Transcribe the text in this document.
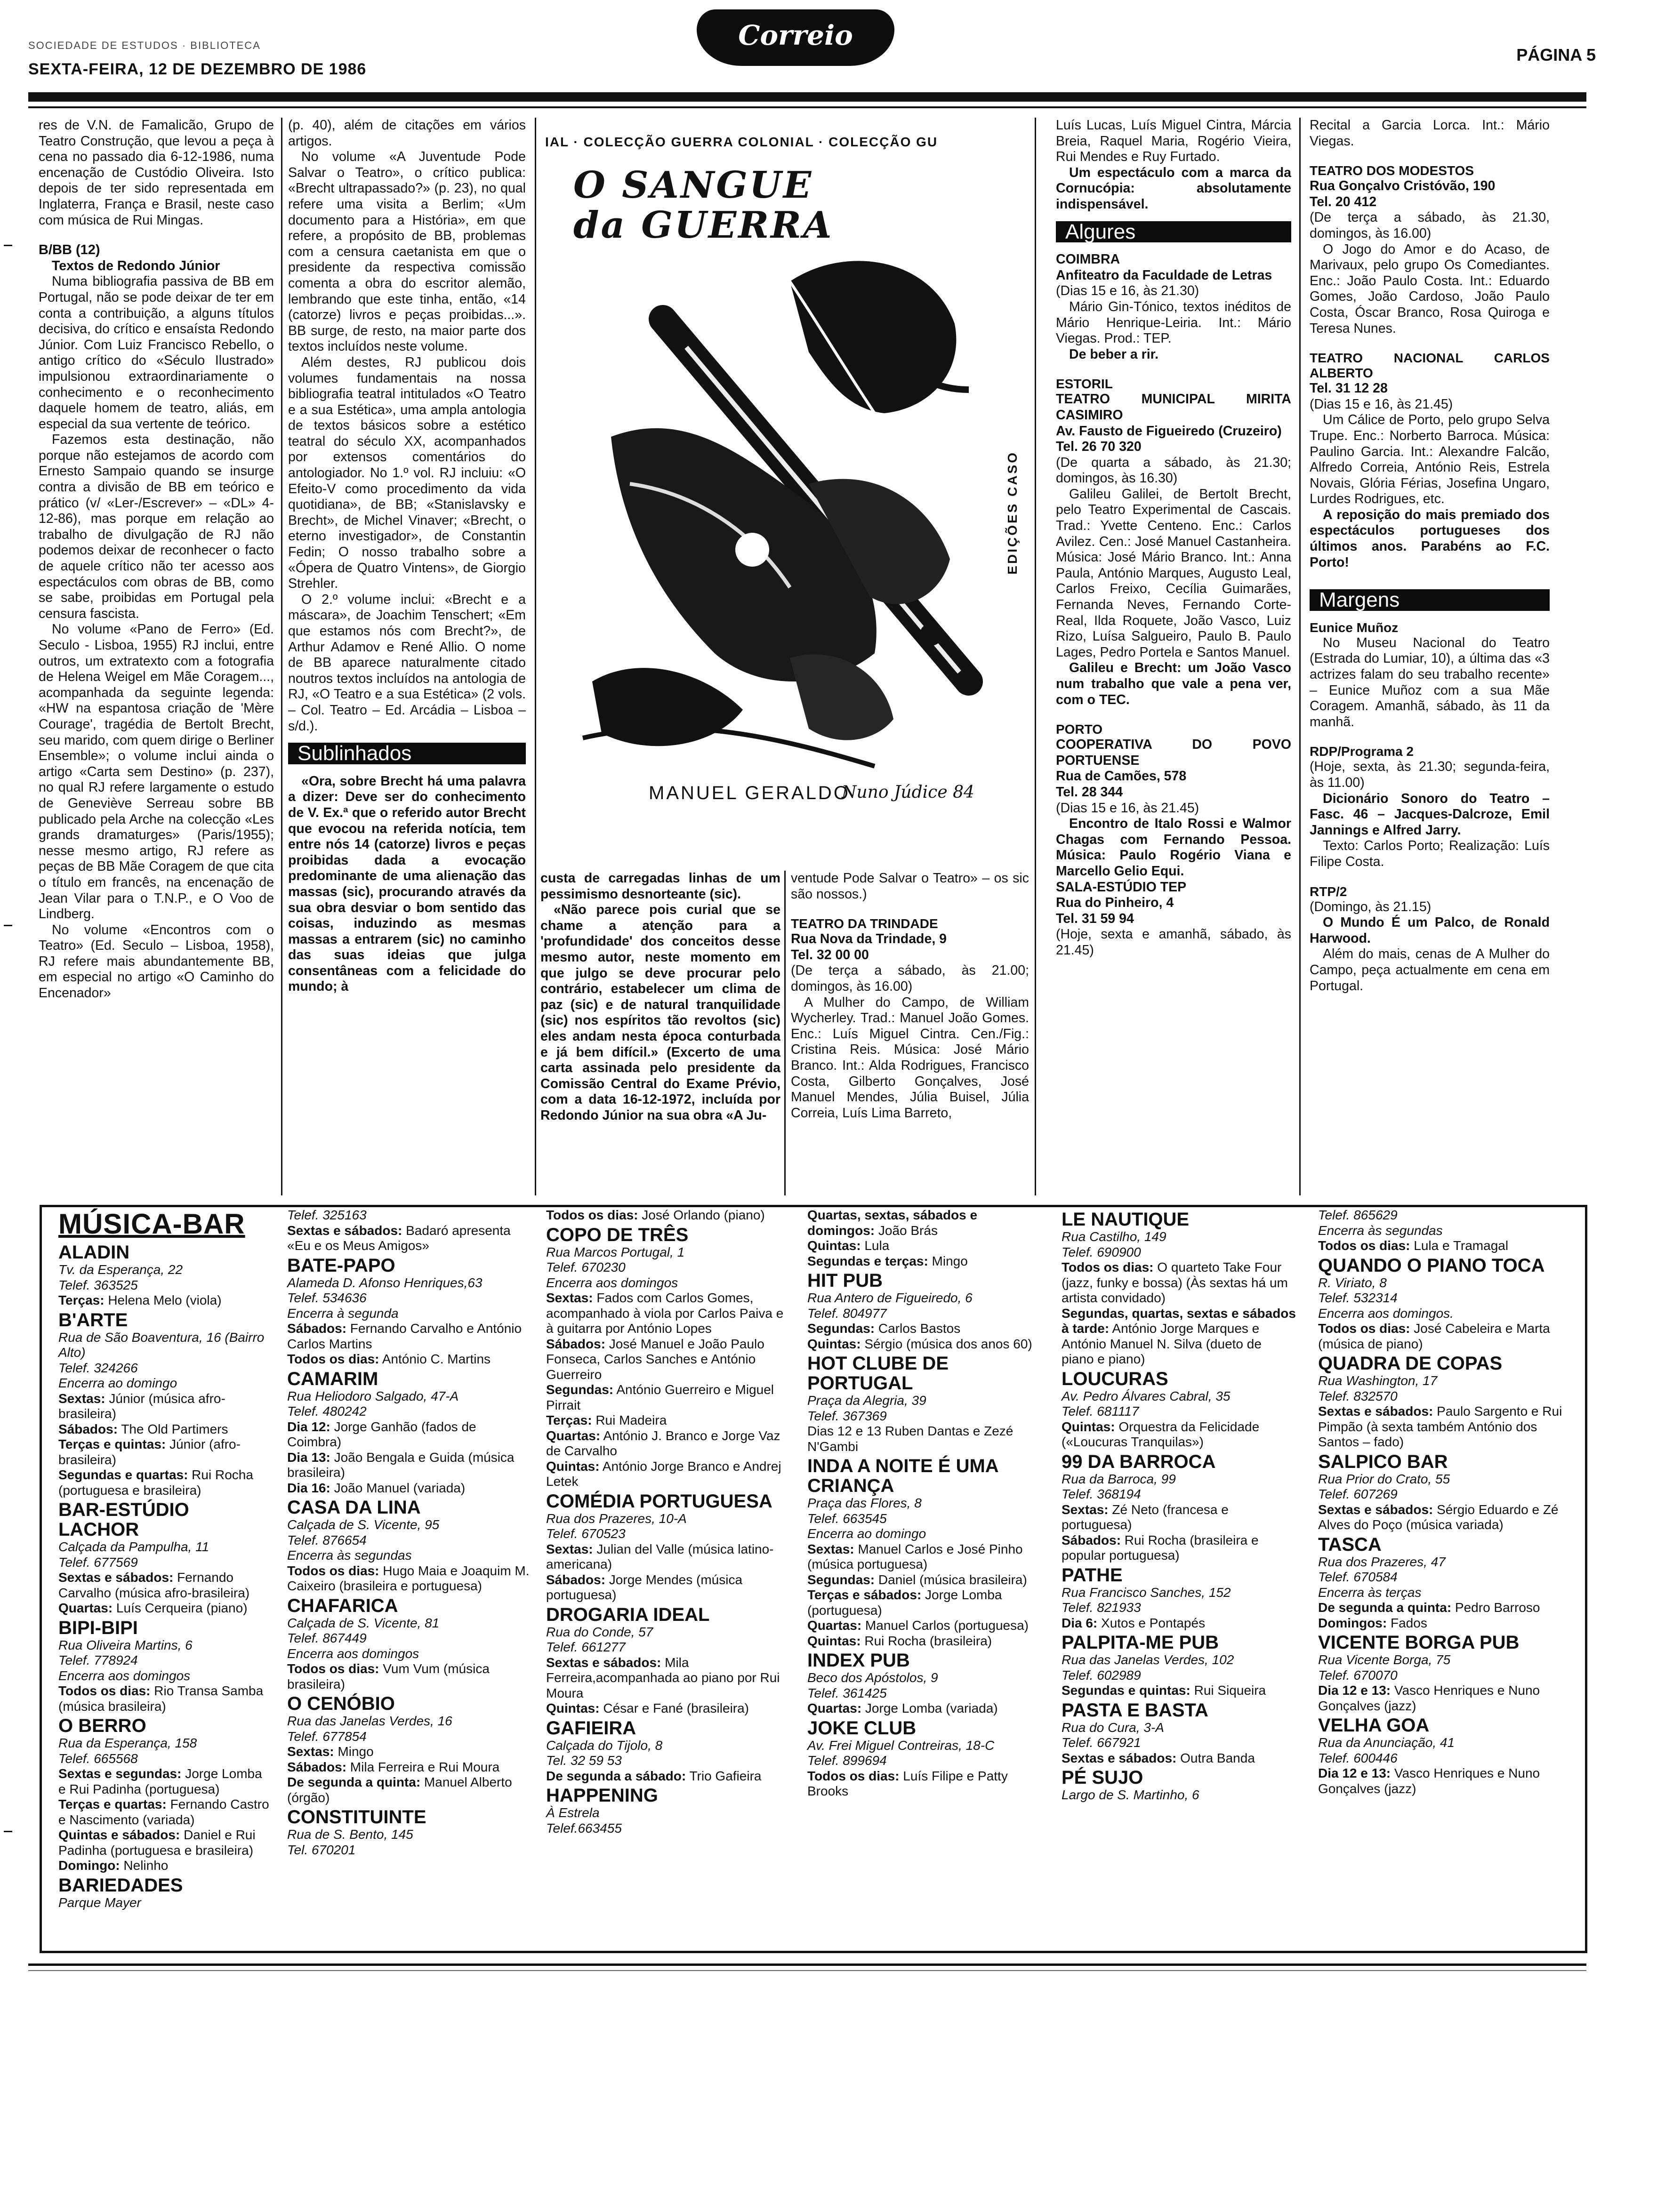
SOCIEDADE DE ESTUDOS · BIBLIOTECA
SEXTA-FEIRA, 12 DE DEZEMBRO DE 1986
Correio
PÁGINA 5

res de V.N. de Famalicão, Grupo de Teatro Construção, que levou a peça à cena no passado dia 6-12-1986, numa encenação de Custódio Oliveira. Isto depois de ter sido representada em Inglaterra, França e Brasil, neste caso com música de Rui Mingas.

B/BB (12)

Textos de Redondo Júnior

Numa bibliografia passiva de BB em Portugal, não se pode deixar de ter em conta a contribuição, a alguns títulos decisiva, do crítico e ensaísta Redondo Júnior. Com Luiz Francisco Rebello, o antigo crítico do «Século Ilustrado» impulsionou extraordinariamente o conhecimento e o reconhecimento daquele homem de teatro, aliás, em especial da sua vertente de teórico.

Fazemos esta destinação, não porque não estejamos de acordo com Ernesto Sampaio quando se insurge contra a divisão de BB em teórico e prático (v/ «Ler-/Escrever» – «DL» 4-12-86), mas porque em relação ao trabalho de divulgação de RJ não podemos deixar de reconhecer o facto de aquele crítico não ter acesso aos espectáculos com obras de BB, como se sabe, proibidas em Portugal pela censura fascista.

No volume «Pano de Ferro» (Ed. Seculo - Lisboa, 1955) RJ inclui, entre outros, um extratexto com a fotografia de Helena Weigel em Mãe Coragem..., acompanhada da seguinte legenda: «HW na espantosa criação de 'Mère Courage', tragédia de Bertolt Brecht, seu marido, com quem dirige o Berliner Ensemble»; o volume inclui ainda o artigo «Carta sem Destino» (p. 237), no qual RJ refere largamente o estudo de Geneviève Serreau sobre BB publicado pela Arche na colecção «Les grands dramaturges» (Paris/1955); nesse mesmo artigo, RJ refere as peças de BB Mãe Coragem de que cita o título em francês, na encenação de Jean Vilar para o T.N.P., e O Voo de Lindberg.

No volume «Encontros com o Teatro» (Ed. Seculo – Lisboa, 1958), RJ refere mais abundantemente BB, em especial no artigo «O Caminho do Encenador»

(p. 40), além de citações em vários artigos.

No volume «A Juventude Pode Salvar o Teatro», o crítico publica: «Brecht ultrapassado?» (p. 23), no qual refere uma visita a Berlim; «Um documento para a História», em que refere, a propósito de BB, problemas com a censura caetanista em que o presidente da respectiva comissão comenta a obra do escritor alemão, lembrando que este tinha, então, «14 (catorze) livros e peças proibidas...». BB surge, de resto, na maior parte dos textos incluídos neste volume.

Além destes, RJ publicou dois volumes fundamentais na nossa bibliografia teatral intitulados «O Teatro e a sua Estética», uma ampla antologia de textos básicos sobre a estético teatral do século XX, acompanhados por extensos comentários do antologiador. No 1.º vol. RJ incluiu: «O Efeito-V como procedimento da vida quotidiana», de BB; «Stanislavsky e Brecht», de Michel Vinaver; «Brecht, o eterno investigador», de Constantin Fedin; O nosso trabalho sobre a «Ópera de Quatro Vintens», de Giorgio Strehler.

O 2.º volume inclui: «Brecht e a máscara», de Joachim Tenschert; «Em que estamos nós com Brecht?», de Arthur Adamov e René Allio. O nome de BB aparece naturalmente citado noutros textos incluídos na antologia de RJ, «O Teatro e a sua Estética» (2 vols. – Col. Teatro – Ed. Arcádia – Lisboa – s/d.).

Sublinhados

«Ora, sobre Brecht há uma palavra a dizer: Deve ser do conhecimento de V. Ex.ª que o referido autor Brecht que evocou na referida notícia, tem entre nós 14 (catorze) livros e peças proibidas dada a evocação predominante de uma alienação das massas (sic), procurando através da sua obra desviar o bom sentido das coisas, induzindo as mesmas massas a entrarem (sic) no caminho das suas ideias que julga consentâneas com a felicidade do mundo; à

IAL · COLECÇÃO GUERRA COLONIAL · COLECÇÃO GU
O SANGUE
da GUERRA
MANUEL GERALDO
Nuno Júdice 84
EDIÇÕES CASO

custa de carregadas linhas de um pessimismo desnorteante (sic).

«Não parece pois curial que se chame a atenção para a 'profundidade' dos conceitos desse mesmo autor, neste momento em que julgo se deve procurar pelo contrário, estabelecer um clima de paz (sic) e de natural tranquilidade (sic) nos espíritos tão revoltos (sic) eles andam nesta época conturbada e já bem difícil.» (Excerto de uma carta assinada pelo presidente da Comissão Central do Exame Prévio, com a data 16-12-1972, incluída por Redondo Júnior na sua obra «A Ju-

ventude Pode Salvar o Teatro» – os sic são nossos.)

TEATRO DA TRINDADE

Rua Nova da Trindade, 9

Tel. 32 00 00

(De terça a sábado, às 21.00; domingos, às 16.00)

A Mulher do Campo, de William Wycherley. Trad.: Manuel João Gomes. Enc.: Luís Miguel Cintra. Cen./Fig.: Cristina Reis. Música: José Mário Branco. Int.: Alda Rodrigues, Francisco Costa, Gilberto Gonçalves, José Manuel Mendes, Júlia Buisel, Júlia Correia, Luís Lima Barreto,

Luís Lucas, Luís Miguel Cintra, Márcia Breia, Raquel Maria, Rogério Vieira, Rui Mendes e Ruy Furtado.

Um espectáculo com a marca da Cornucópia: absolutamente indispensável.

Algures

COIMBRA

Anfiteatro da Faculdade de Letras

(Dias 15 e 16, às 21.30)

Mário Gin-Tónico, textos inéditos de Mário Henrique-Leiria. Int.: Mário Viegas. Prod.: TEP.

De beber a rir.

ESTORIL

TEATRO MUNICIPAL MIRITA CASIMIRO

Av. Fausto de Figueiredo (Cruzeiro)

Tel. 26 70 320

(De quarta a sábado, às 21.30; domingos, às 16.30)

Galileu Galilei, de Bertolt Brecht, pelo Teatro Experimental de Cascais. Trad.: Yvette Centeno. Enc.: Carlos Avilez. Cen.: José Manuel Castanheira. Música: José Mário Branco. Int.: Anna Paula, António Marques, Augusto Leal, Carlos Freixo, Cecília Guimarães, Fernanda Neves, Fernando Corte-Real, Ilda Roquete, João Vasco, Luiz Rizo, Luísa Salgueiro, Paulo B. Paulo Lages, Pedro Portela e Santos Manuel.

Galileu e Brecht: um João Vasco num trabalho que vale a pena ver, com o TEC.

PORTO

COOPERATIVA DO POVO PORTUENSE

Rua de Camões, 578

Tel. 28 344

(Dias 15 e 16, às 21.45)

Encontro de Italo Rossi e Walmor Chagas com Fernando Pessoa. Música: Paulo Rogério Viana e Marcello Gelio Equi.

SALA-ESTÚDIO TEP

Rua do Pinheiro, 4

Tel. 31 59 94

(Hoje, sexta e amanhã, sábado, às 21.45)

Recital a Garcia Lorca. Int.: Mário Viegas.

TEATRO DOS MODESTOS

Rua Gonçalvo Cristóvão, 190

Tel. 20 412

(De terça a sábado, às 21.30, domingos, às 16.00)

O Jogo do Amor e do Acaso, de Marivaux, pelo grupo Os Comediantes. Enc.: João Paulo Costa. Int.: Eduardo Gomes, João Cardoso, João Paulo Costa, Óscar Branco, Rosa Quiroga e Teresa Nunes.

TEATRO NACIONAL CARLOS ALBERTO

Tel. 31 12 28

(Dias 15 e 16, às 21.45)

Um Cálice de Porto, pelo grupo Selva Trupe. Enc.: Norberto Barroca. Música: Paulino Garcia. Int.: Alexandre Falcão, Alfredo Correia, António Reis, Estrela Novais, Glória Férias, Josefina Ungaro, Lurdes Rodrigues, etc.

A reposição do mais premiado dos espectáculos portugueses dos últimos anos. Parabéns ao F.C. Porto!

Margens
Eunice Muñoz

No Museu Nacional do Teatro (Estrada do Lumiar, 10), a última das «3 actrizes falam do seu trabalho recente» – Eunice Muñoz com a sua Mãe Coragem. Amanhã, sábado, às 11 da manhã.

RDP/Programa 2

(Hoje, sexta, às 21.30; segunda-feira, às 11.00)

Dicionário Sonoro do Teatro – Fasc. 46 – Jacques-Dalcroze, Emil Jannings e Alfred Jarry.

Texto: Carlos Porto; Realização: Luís Filipe Costa.

RTP/2

(Domingo, às 21.15)

O Mundo É um Palco, de Ronald Harwood.

Além do mais, cenas de A Mulher do Campo, peça actualmente em cena em Portugal.

MÚSICA-BAR
ALADIN
Tv. da Esperança, 22
Telef. 363525
Terças: Helena Melo (viola)
B'ARTE
Rua de São Boaventura, 16 (Bairro Alto)
Telef. 324266
Encerra ao domingo
Sextas: Júnior (música afro-brasileira)
Sábados: The Old Partimers
Terças e quintas: Júnior (afro-brasileira)
Segundas e quartas: Rui Rocha (portuguesa e brasileira)
BAR-ESTÚDIO LACHOR
Calçada da Pampulha, 11
Telef. 677569
Sextas e sábados: Fernando Carvalho (música afro-brasileira)
Quartas: Luís Cerqueira (piano)
BIPI-BIPI
Rua Oliveira Martins, 6
Telef. 778924
Encerra aos domingos
Todos os dias: Rio Transa Samba (música brasileira)
O BERRO
Rua da Esperança, 158
Telef. 665568
Sextas e segundas: Jorge Lomba e Rui Padinha (portuguesa)
Terças e quartas: Fernando Castro e Nascimento (variada)
Quintas e sábados: Daniel e Rui Padinha (portuguesa e brasileira)
Domingo: Nelinho
BARIEDADES
Parque Mayer
Telef. 325163
Sextas e sábados: Badaró apresenta «Eu e os Meus Amigos»
BATE-PAPO
Alameda D. Afonso Henriques,63
Telef. 534636
Encerra à segunda
Sábados: Fernando Carvalho e António Carlos Martins
Todos os dias: António C. Martins
CAMARIM
Rua Heliodoro Salgado, 47-A
Telef. 480242
Dia 12: Jorge Ganhão (fados de Coimbra)
Dia 13: João Bengala e Guida (música brasileira)
Dia 16: João Manuel (variada)
CASA DA LINA
Calçada de S. Vicente, 95
Telef. 876654
Encerra às segundas
Todos os dias: Hugo Maia e Joaquim M. Caixeiro (brasileira e portuguesa)
CHAFARICA
Calçada de S. Vicente, 81
Telef. 867449
Encerra aos domingos
Todos os dias: Vum Vum (música brasileira)
O CENÓBIO
Rua das Janelas Verdes, 16
Telef. 677854
Sextas: Mingo
Sábados: Mila Ferreira e Rui Moura
De segunda a quinta: Manuel Alberto (órgão)
CONSTITUINTE
Rua de S. Bento, 145
Tel. 670201
Todos os dias: José Orlando (piano)
COPO DE TRÊS
Rua Marcos Portugal, 1
Telef. 670230
Encerra aos domingos
Sextas: Fados com Carlos Gomes, acompanhado à viola por Carlos Paiva e à guitarra por António Lopes
Sábados: José Manuel e João Paulo Fonseca, Carlos Sanches e António Guerreiro
Segundas: António Guerreiro e Miguel Pirrait
Terças: Rui Madeira
Quartas: António J. Branco e Jorge Vaz de Carvalho
Quintas: António Jorge Branco e Andrej Letek
COMÉDIA PORTUGUESA
Rua dos Prazeres, 10-A
Telef. 670523
Sextas: Julian del Valle (música latino-americana)
Sábados: Jorge Mendes (música portuguesa)
DROGARIA IDEAL
Rua do Conde, 57
Telef. 661277
Sextas e sábados: Mila Ferreira,acompanhada ao piano por Rui Moura
Quintas: César e Fané (brasileira)
GAFIEIRA
Calçada do Tijolo, 8
Tel. 32 59 53
De segunda a sábado: Trio Gafieira
HAPPENING
À Estrela
Telef.663455
Quartas, sextas, sábados e domingos: João Brás
Quintas: Lula
Segundas e terças: Mingo
HIT PUB
Rua Antero de Figueiredo, 6
Telef. 804977
Segundas: Carlos Bastos
Quintas: Sérgio (música dos anos 60)
HOT CLUBE DE PORTUGAL
Praça da Alegria, 39
Telef. 367369
Dias 12 e 13 Ruben Dantas e Zezé N'Gambi
INDA A NOITE É UMA CRIANÇA
Praça das Flores, 8
Telef. 663545
Encerra ao domingo
Sextas: Manuel Carlos e José Pinho (música portuguesa)
Segundas: Daniel (música brasileira)
Terças e sábados: Jorge Lomba (portuguesa)
Quartas: Manuel Carlos (portuguesa)
Quintas: Rui Rocha (brasileira)
INDEX PUB
Beco dos Apóstolos, 9
Telef. 361425
Quartas: Jorge Lomba (variada)
JOKE CLUB
Av. Frei Miguel Contreiras, 18-C
Telef. 899694
Todos os dias: Luís Filipe e Patty Brooks
LE NAUTIQUE
Rua Castilho, 149
Telef. 690900
Todos os dias: O quarteto Take Four (jazz, funky e bossa) (Às sextas há um artista convidado)
Segundas, quartas, sextas e sábados à tarde: António Jorge Marques e António Manuel N. Silva (dueto de piano e piano)
LOUCURAS
Av. Pedro Álvares Cabral, 35
Telef. 681117
Quintas: Orquestra da Felicidade («Loucuras Tranquilas»)
99 DA BARROCA
Rua da Barroca, 99
Telef. 368194
Sextas: Zé Neto (francesa e portuguesa)
Sábados: Rui Rocha (brasileira e popular portuguesa)
PATHE
Rua Francisco Sanches, 152
Telef. 821933
Dia 6: Xutos e Pontapés
PALPITA-ME PUB
Rua das Janelas Verdes, 102
Telef. 602989
Segundas e quintas: Rui Siqueira
PASTA E BASTA
Rua do Cura, 3-A
Telef. 667921
Sextas e sábados: Outra Banda
PÉ SUJO
Largo de S. Martinho, 6
Telef. 865629
Encerra às segundas
Todos os dias: Lula e Tramagal
QUANDO O PIANO TOCA
R. Viriato, 8
Telef. 532314
Encerra aos domingos.
Todos os dias: José Cabeleira e Marta (música de piano)
QUADRA DE COPAS
Rua Washington, 17
Telef. 832570
Sextas e sábados: Paulo Sargento e Rui Pimpão (à sexta também António dos Santos – fado)
SALPICO BAR
Rua Prior do Crato, 55
Telef. 607269
Sextas e sábados: Sérgio Eduardo e Zé Alves do Poço (música variada)
TASCA
Rua dos Prazeres, 47
Telef. 670584
Encerra às terças
De segunda a quinta: Pedro Barroso
Domingos: Fados
VICENTE BORGA PUB
Rua Vicente Borga, 75
Telef. 670070
Dia 12 e 13: Vasco Henriques e Nuno Gonçalves (jazz)
VELHA GOA
Rua da Anunciação, 41
Telef. 600446
Dia 12 e 13: Vasco Henriques e Nuno Gonçalves (jazz)
